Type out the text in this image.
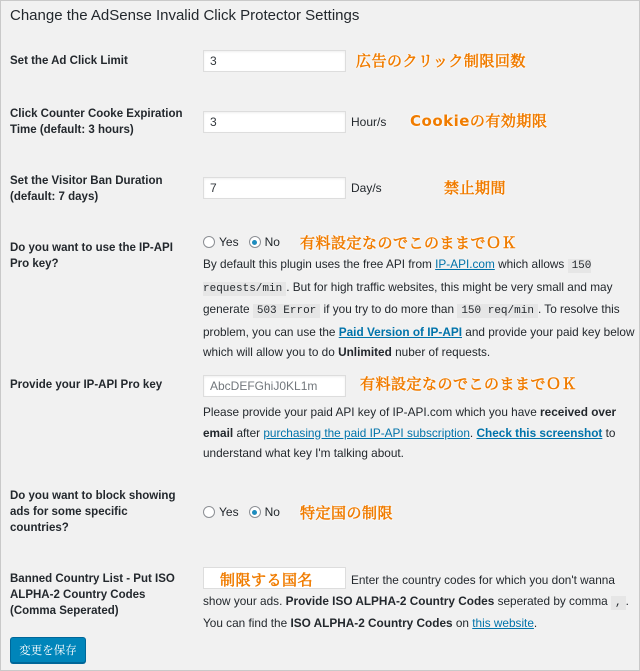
Change the AdSense Invalid Click Protector Settings
Set the Ad Click Limit	3	広告のクリック制限回数
Click Counter Cooke Expiration Time (default: 3 hours)
3	Hour/s Cookieの有効期限
Set the Visitor Ban Duration (default: 7 days)
7	Day/s	禁止期間
Do you want to use the IP-API Pro key?
Yes No 有料設定なのでこのままでＯＫ
By default this plugin uses the free API from IP-API.com which allows 150 requests/min . But for high traffic websites, this might be very small and may generate 503 Error if you try to do more than 150 req/min . To resolve this problem, you can use the Paid Version of IP-API and provide your paid key below which will allow you to do Unlimited nuber of requests.
Provide your IP-API Pro key	AbcDEFGhiJ0KL1m	有料設定なのでこのままでＯＫ
Please provide your paid API key of IP-API.com which you have received over email after purchasing the paid IP-API subscription. Check this screenshot to understand what key I'm talking about.
Do you want to block showing ads for some specific countries?
Yes No 特定国の制限
Banned Country List - Put ISO ALPHA-2 Country Codes (Comma Seperated)
制限する国名	Enter the country codes for which you don't wanna show your ads. Provide ISO ALPHA-2 Country Codes seperated by comma , . You can find the ISO ALPHA-2 Country Codes on this website.
変更を保存
